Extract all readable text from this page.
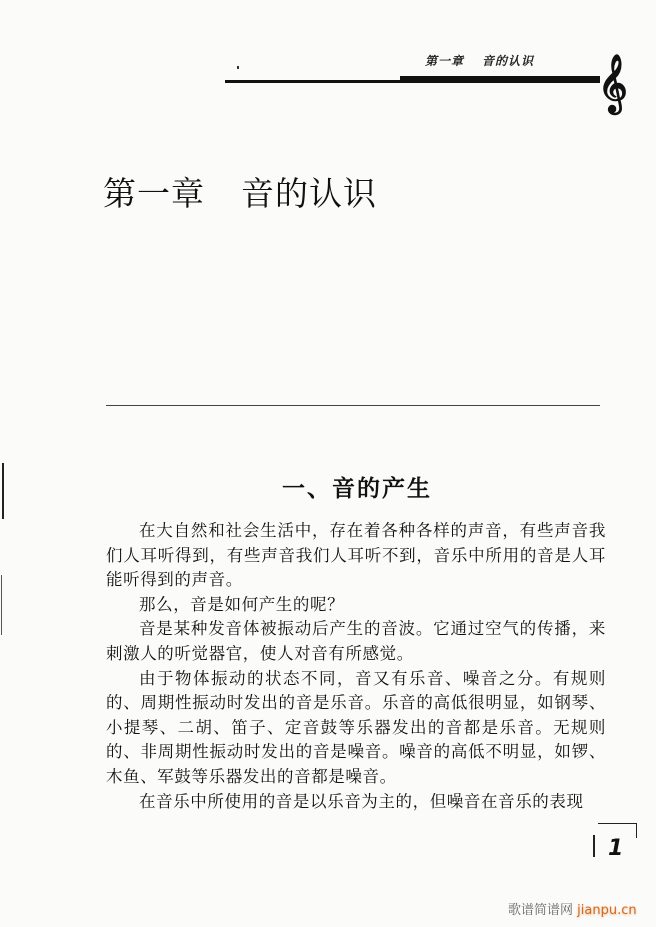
第一章 音的认识 𝄞
第一章 音的认识
一、音的产生

在大自然和社会生活中，存在着各种各样的声音，有些声音我们人耳听得到，有些声音我们人耳听不到，音乐中所用的音是人耳能听得到的声音。

那么，音是如何产生的呢？

音是某种发音体被振动后产生的音波。它通过空气的传播，来刺激人的听觉器官，使人对音有所感觉。

由于物体振动的状态不同，音又有乐音、噪音之分。有规则的、周期性振动时发出的音是乐音。乐音的高低很明显，如钢琴、小提琴、二胡、笛子、定音鼓等乐器发出的音都是乐音。无规则的、非周期性振动时发出的音是噪音。噪音的高低不明显，如锣、木鱼、军鼓等乐器发出的音都是噪音。

在音乐中所使用的音是以乐音为主的，但噪音在音乐的表现

1
歌谱简谱网 jianpu.cn
